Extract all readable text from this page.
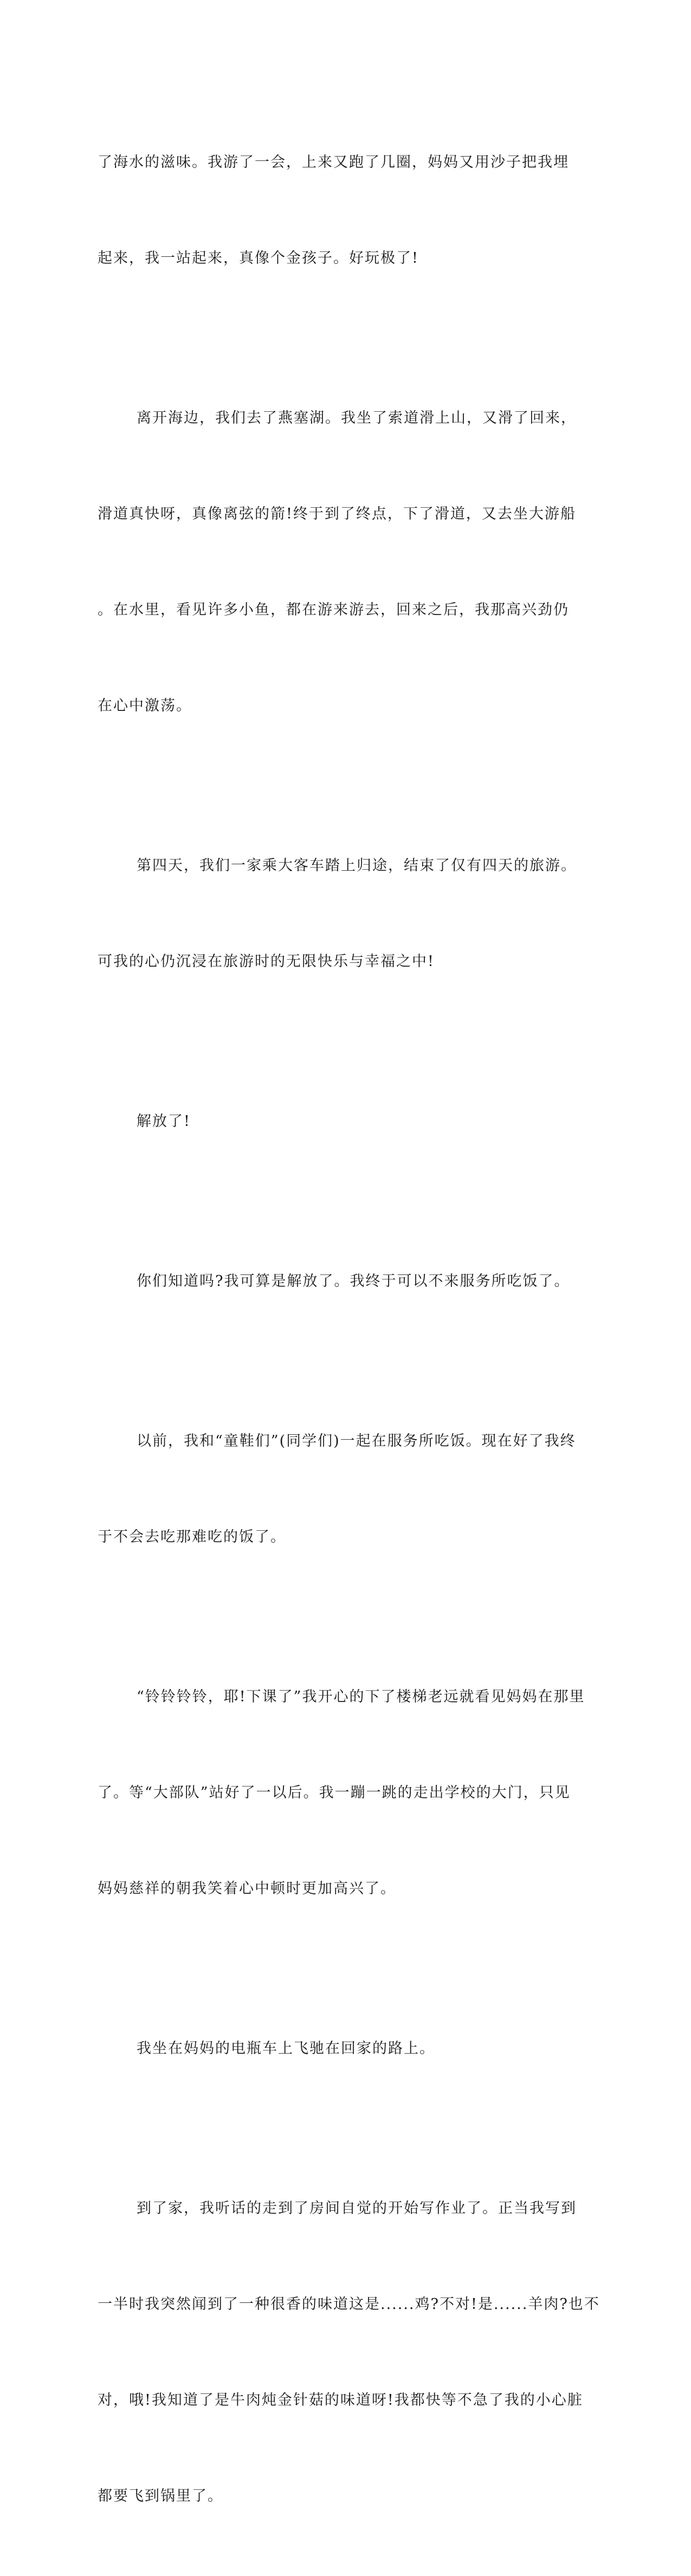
了海水的滋味。我游了一会，上来又跑了几圈，妈妈又用沙子把我埋

起来，我一站起来，真像个金孩子。好玩极了!

离开海边，我们去了燕塞湖。我坐了索道滑上山，又滑了回来，

滑道真快呀，真像离弦的箭!终于到了终点，下了滑道，又去坐大游船

。在水里，看见许多小鱼，都在游来游去，回来之后，我那高兴劲仍

在心中激荡。

第四天，我们一家乘大客车踏上归途，结束了仅有四天的旅游。

可我的心仍沉浸在旅游时的无限快乐与幸福之中!

解放了!

你们知道吗?我可算是解放了。我终于可以不来服务所吃饭了。

以前，我和“童鞋们”(同学们)一起在服务所吃饭。现在好了我终

于不会去吃那难吃的饭了。

“铃铃铃铃，耶!下课了”我开心的下了楼梯老远就看见妈妈在那里

了。等“大部队”站好了一以后。我一蹦一跳的走出学校的大门，只见

妈妈慈祥的朝我笑着心中顿时更加高兴了。

我坐在妈妈的电瓶车上飞驰在回家的路上。

到了家，我听话的走到了房间自觉的开始写作业了。正当我写到

一半时我突然闻到了一种很香的味道这是......鸡?不对!是......羊肉?也不

对，哦!我知道了是牛肉炖金针菇的味道呀!我都快等不急了我的小心脏

都要飞到锅里了。
